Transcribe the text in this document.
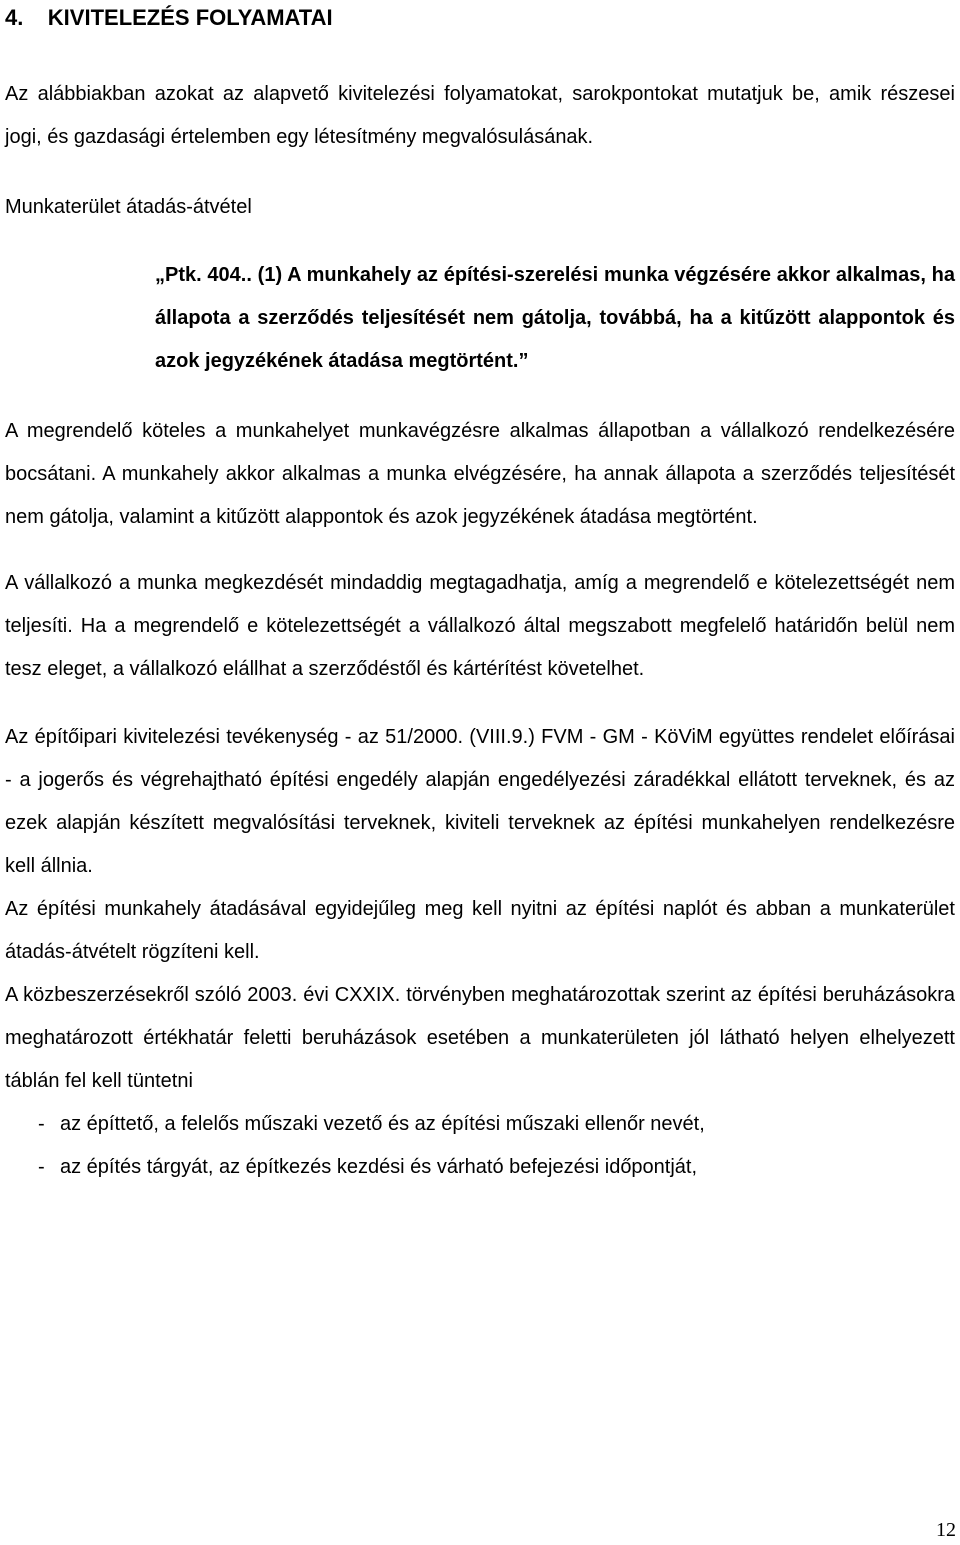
4.    KIVITELEZÉS FOLYAMATAI

Az alábbiakban azokat az alapvető kivitelezési folyamatokat, sarokpontokat mutatjuk be, amik részesei jogi, és gazdasági értelemben egy létesítmény megvalósulásának.

Munkaterület átadás-átvétel

„Ptk. 404.. (1) A munkahely az építési-szerelési munka végzésére akkor alkalmas, ha állapota a szerződés teljesítését nem gátolja, továbbá, ha a kitűzött alappontok és azok jegyzékének átadása megtörtént.”

A megrendelő köteles a munkahelyet munkavégzésre alkalmas állapotban a vállalkozó rendelkezésére bocsátani. A munkahely akkor alkalmas a munka elvégzésére, ha annak állapota a szerződés teljesítését nem gátolja, valamint a kitűzött alappontok és azok jegyzékének átadása megtörtént.

A vállalkozó a munka megkezdését mindaddig megtagadhatja, amíg a megrendelő e kötelezettségét nem teljesíti. Ha a megrendelő e kötelezettségét a vállalkozó által megszabott megfelelő határidőn belül nem tesz eleget, a vállalkozó elállhat a szerződéstől és kártérítést követelhet.

Az építőipari kivitelezési tevékenység - az 51/2000. (VIII.9.) FVM - GM - KöViM együttes rendelet előírásai - a jogerős és végrehajtható építési engedély alapján engedélyezési záradékkal ellátott terveknek, és az ezek alapján készített megvalósítási terveknek, kiviteli terveknek az építési munkahelyen rendelkezésre kell állnia.

Az építési munkahely átadásával egyidejűleg meg kell nyitni az építési naplót és abban a munkaterület átadás-átvételt rögzíteni kell.

A közbeszerzésekről szóló 2003. évi CXXIX. törvényben meghatározottak szerint az építési beruházásokra meghatározott értékhatár feletti beruházások esetében a munkaterületen jól látható helyen elhelyezett táblán fel kell tüntetni

- az építtető, a felelős műszaki vezető és az építési műszaki ellenőr nevét,
- az építés tárgyát, az építkezés kezdési és várható befejezési időpontját,
12
